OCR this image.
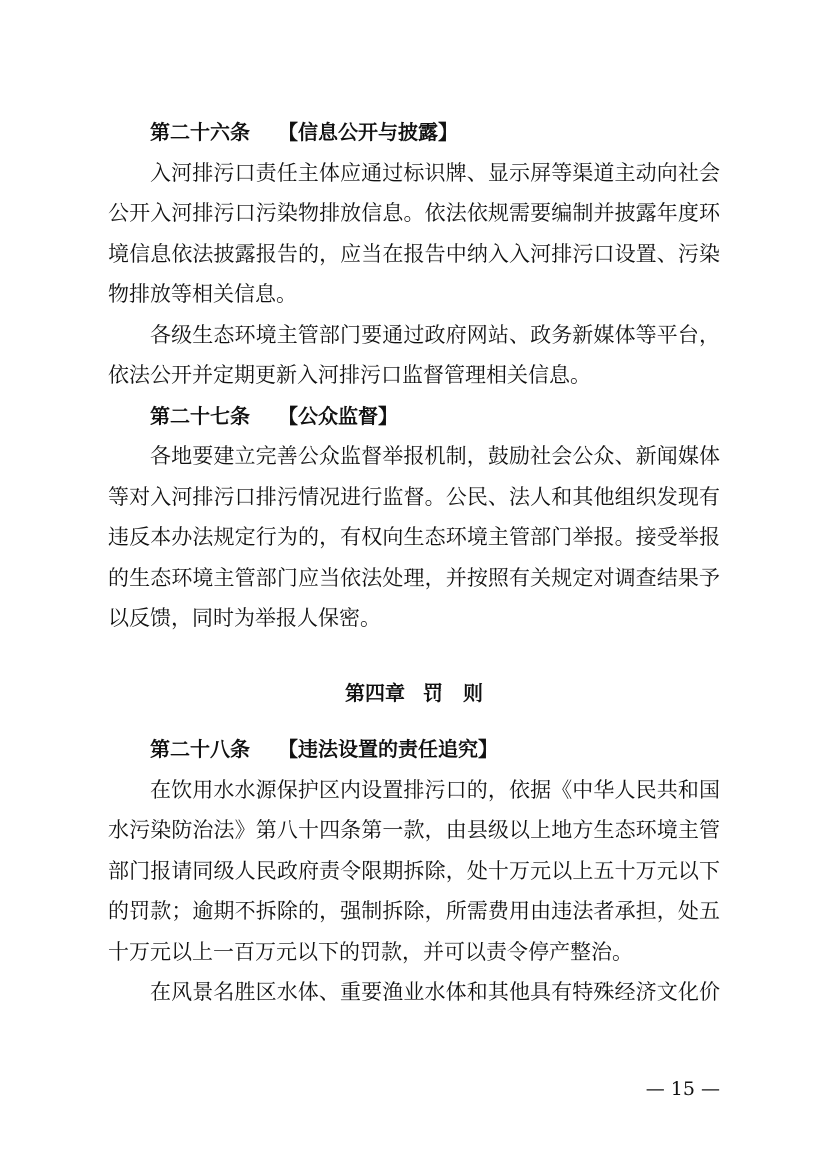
第二十六条 【信息公开与披露】
入河排污口责任主体应通过标识牌、显示屏等渠道主动向社会
公开入河排污口污染物排放信息。依法依规需要编制并披露年度环
境信息依法披露报告的，应当在报告中纳入入河排污口设置、污染
物排放等相关信息。
各级生态环境主管部门要通过政府网站、政务新媒体等平台，
依法公开并定期更新入河排污口监督管理相关信息。
第二十七条 【公众监督】
各地要建立完善公众监督举报机制，鼓励社会公众、新闻媒体
等对入河排污口排污情况进行监督。公民、法人和其他组织发现有
违反本办法规定行为的，有权向生态环境主管部门举报。接受举报
的生态环境主管部门应当依法处理，并按照有关规定对调查结果予
以反馈，同时为举报人保密。
第四章 罚　则
第二十八条 【违法设置的责任追究】
在饮用水水源保护区内设置排污口的，依据《中华人民共和国
水污染防治法》第八十四条第一款，由县级以上地方生态环境主管
部门报请同级人民政府责令限期拆除，处十万元以上五十万元以下
的罚款；逾期不拆除的，强制拆除，所需费用由违法者承担，处五
十万元以上一百万元以下的罚款，并可以责令停产整治。
在风景名胜区水体、重要渔业水体和其他具有特殊经济文化价
— 15 —
